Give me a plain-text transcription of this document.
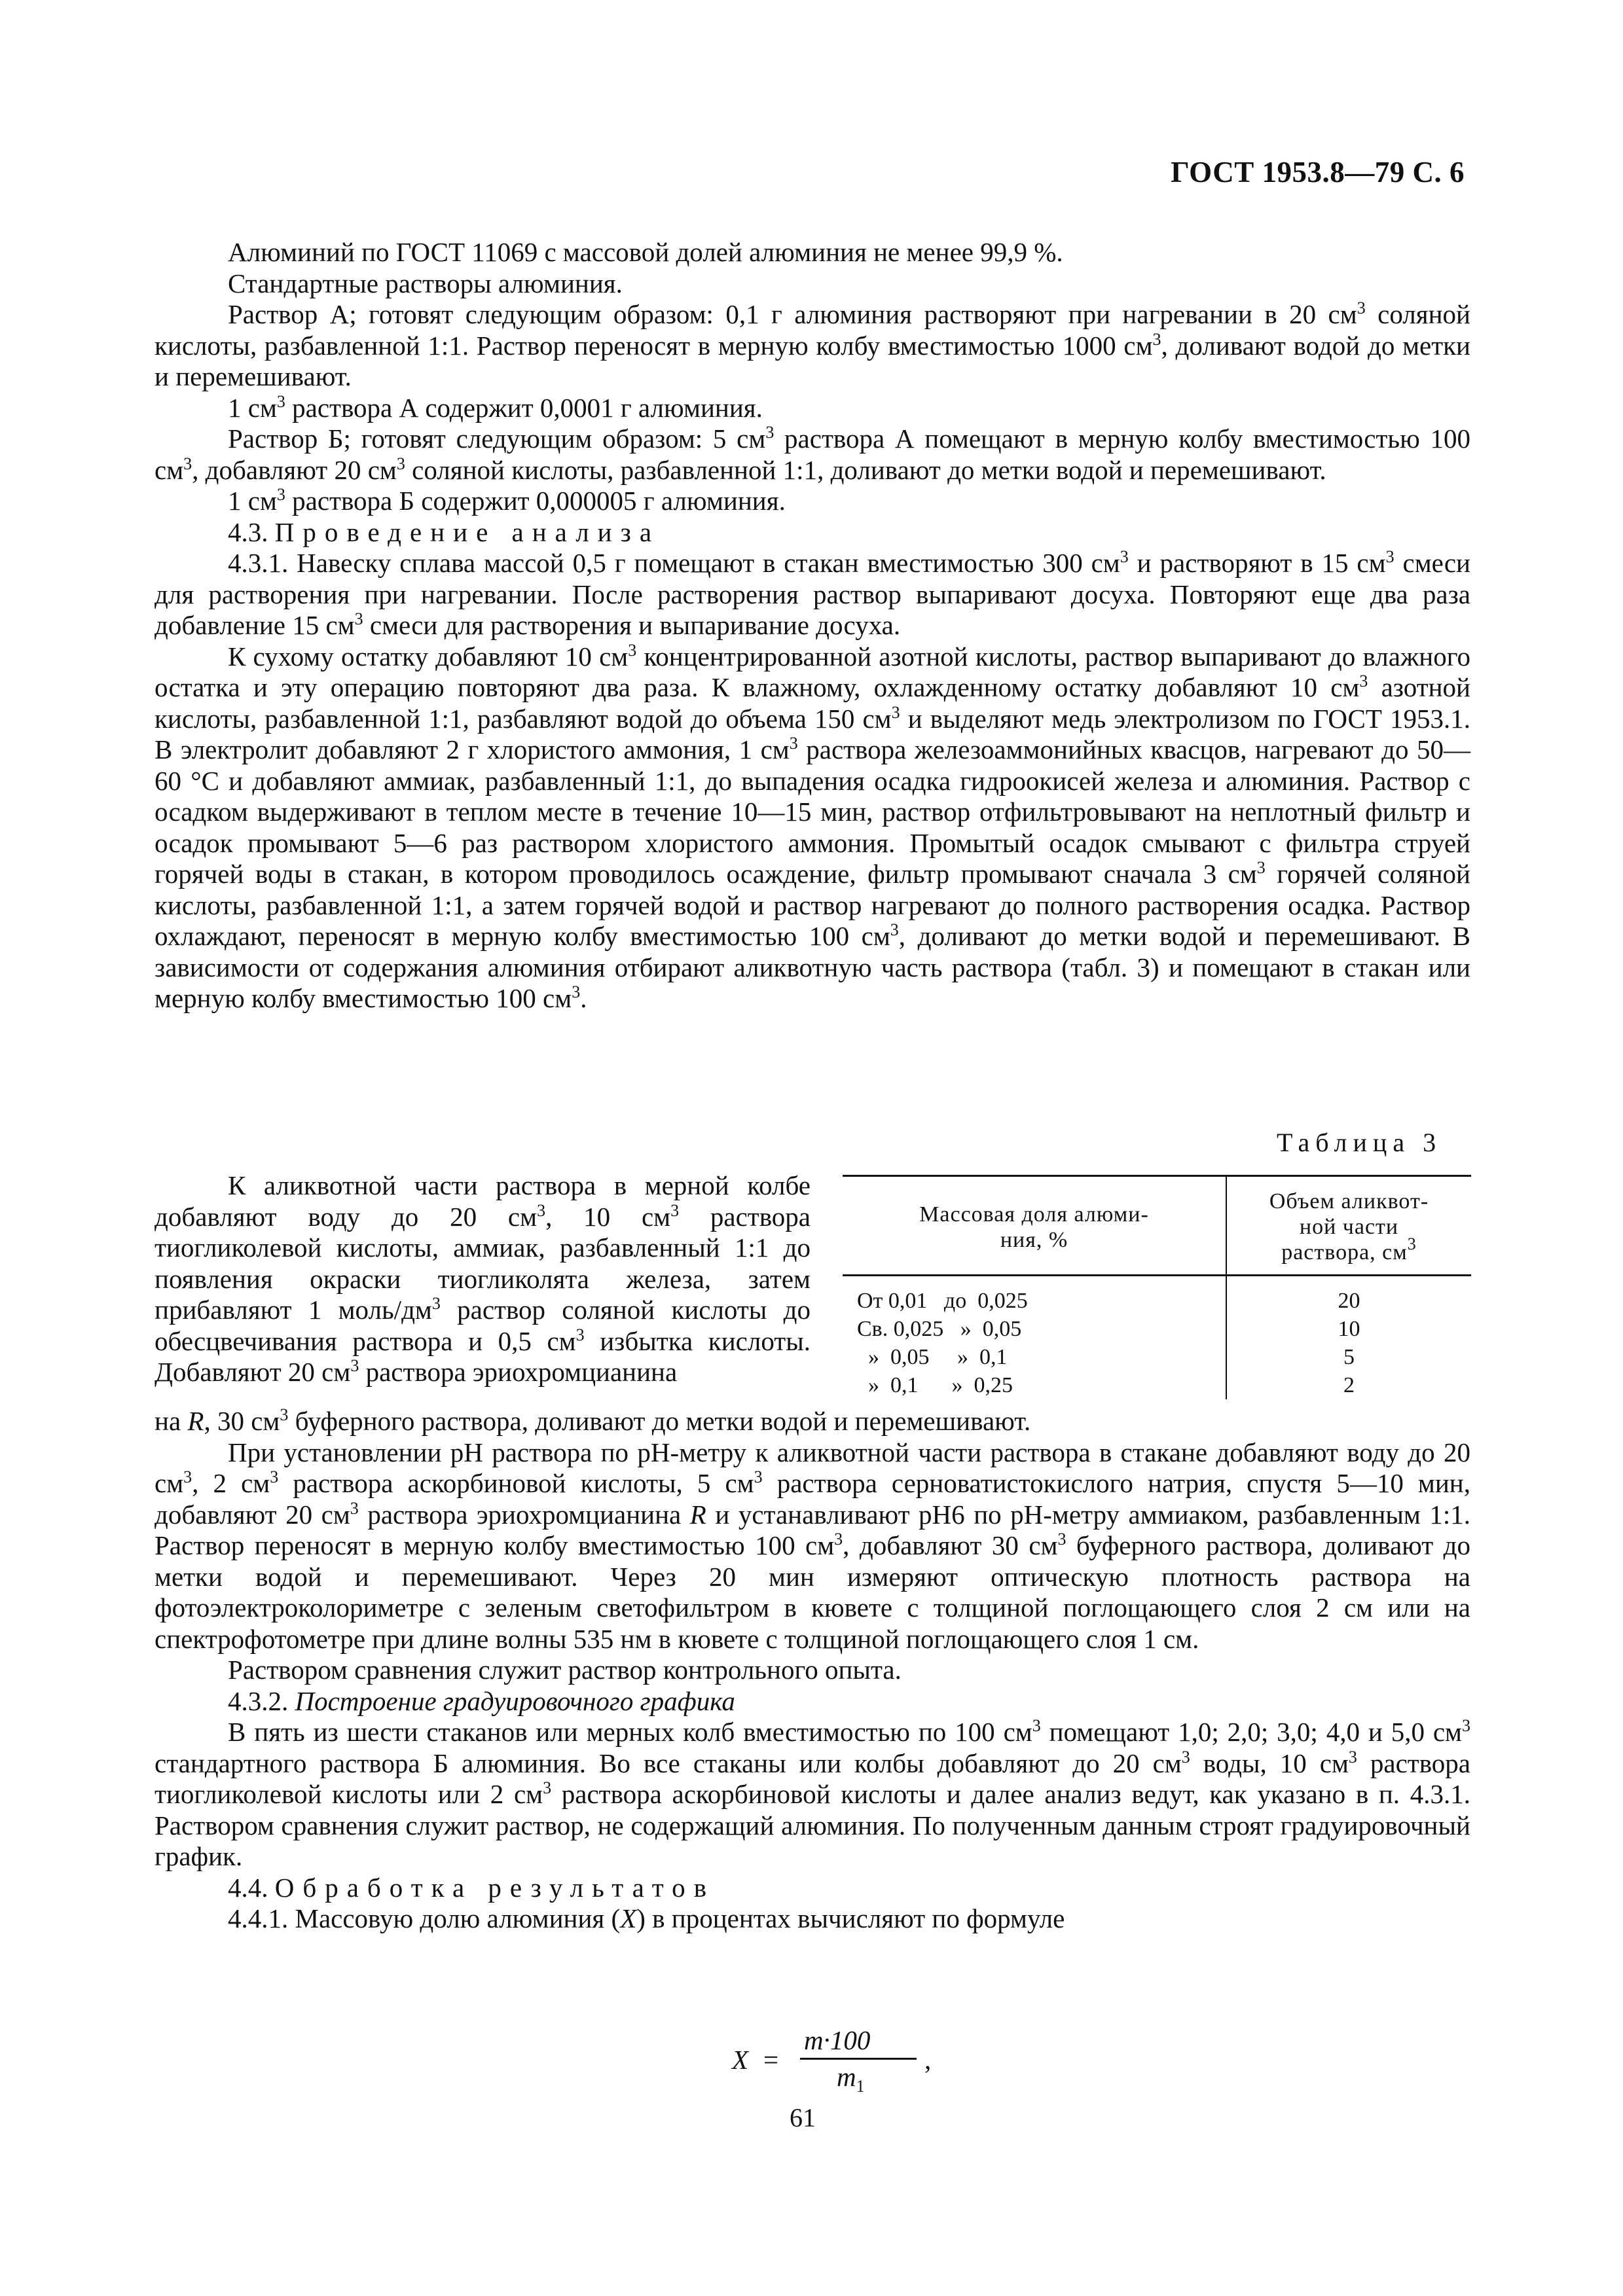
ГОСТ 1953.8—79 С. 6

Алюминий по ГОСТ 11069 с массовой долей алюминия не менее 99,9 %.

Стандартные растворы алюминия.

Раствор А; готовят следующим образом: 0,1 г алюминия растворяют при нагревании в 20 $см^3$ соляной кислоты, разбавленной 1:1. Раствор переносят в мерную колбу вместимостью 1000 $см^3$, доливают водой до метки и перемешивают.

1 $см^3$ раствора А содержит 0,0001 г алюминия.

Раствор Б; готовят следующим образом: 5 $см^3$ раствора А помещают в мерную колбу вместимостью 100 $см^3$, добавляют 20 $см^3$ соляной кислоты, разбавленной 1:1, доливают до метки водой и перемешивают.

1 $см^3$ раствора Б содержит 0,000005 г алюминия.

4.3. Проведение анализа

4.3.1. Навеску сплава массой 0,5 г помещают в стакан вместимостью 300 $см^3$ и растворяют в 15 $см^3$ смеси для растворения при нагревании. После растворения раствор выпаривают досуха. Повторяют еще два раза добавление 15 $см^3$ смеси для растворения и выпаривание досуха.

К сухому остатку добавляют 10 $см^3$ концентрированной азотной кислоты, раствор выпаривают до влажного остатка и эту операцию повторяют два раза. К влажному, охлажденному остатку добавляют 10 $см^3$ азотной кислоты, разбавленной 1:1, разбавляют водой до объема 150 $см^3$ и выделяют медь электролизом по ГОСТ 1953.1. В электролит добавляют 2 г хлористого аммония, 1 $см^3$ раствора железоаммонийных квасцов, нагревают до 50—60 °С и добавляют аммиак, разбавленный 1:1, до выпадения осадка гидроокисей железа и алюминия. Раствор с осадком выдерживают в теплом месте в течение 10—15 мин, раствор отфильтровывают на неплотный фильтр и осадок промывают 5—6 раз раствором хлористого аммония. Промытый осадок смывают с фильтра струей горячей воды в стакан, в котором проводилось осаждение, фильтр промывают сначала 3 $см^3$ горячей соляной кислоты, разбавленной 1:1, а затем горячей водой и раствор нагревают до полного растворения осадка. Раствор охлаждают, переносят в мерную колбу вместимостью 100 $см^3$, доливают до метки водой и перемешивают. В зависимости от содержания алюминия отбирают аликвотную часть раствора (табл. 3) и помещают в стакан или мерную колбу вместимостью 100 $см^3$.

Таблица 3
Массовая доля алюми-
ния, %	Объем аликвот-
ной части
раствора, $см^3$
От 0,01   до  0,025	20
Св. 0,025   »  0,05	10
»  0,05     »  0,1	5
»  0,1      »  0,25	2

К аликвотной части раствора в мерной колбе добавляют воду до 20 $см^3$, 10 $см^3$ раствора тиогликолевой кислоты, аммиак, разбавленный 1:1 до появления окраски тиогликолята железа, затем прибавляют 1 моль/$дм^3$ раствор соляной кислоты до обесцвечивания раствора и 0,5 $см^3$ избытка кислоты. Добавляют 20 $см^3$ раствора эриохромцианина

на R, 30 $см^3$ буферного раствора, доливают до метки водой и перемешивают.

При установлении рН раствора по рН-метру к аликвотной части раствора в стакане добавляют воду до 20 $см^3$, 2 $см^3$ раствора аскорбиновой кислоты, 5 $см^3$ раствора серноватистокислого натрия, спустя 5—10 мин, добавляют 20 $см^3$ раствора эриохромцианина R и устанавливают рН6 по рН-метру аммиаком, разбавленным 1:1. Раствор переносят в мерную колбу вместимостью 100 $см^3$, добавляют 30 $см^3$ буферного раствора, доливают до метки водой и перемешивают. Через 20 мин измеряют оптическую плотность раствора на фотоэлектроколориметре с зеленым светофильтром в кювете с толщиной поглощающего слоя 2 см или на спектрофотометре при длине волны 535 нм в кювете с толщиной поглощающего слоя 1 см.

Раствором сравнения служит раствор контрольного опыта.

4.3.2. Построение градуировочного графика

В пять из шести стаканов или мерных колб вместимостью по 100 $см^3$ помещают 1,0; 2,0; 3,0; 4,0 и 5,0 $см^3$ стандартного раствора Б алюминия. Во все стаканы или колбы добавляют до 20 $см^3$ воды, 10 $см^3$ раствора тиогликолевой кислоты или 2 $см^3$ раствора аскорбиновой кислоты и далее анализ ведут, как указано в п. 4.3.1. Раствором сравнения служит раствор, не содержащий алюминия. По полученным данным строят градуировочный график.

4.4. Обработка результатов

4.4.1. Массовую долю алюминия (X) в процентах вычисляют по формуле

X =
m·100
$m_1$
,
61
